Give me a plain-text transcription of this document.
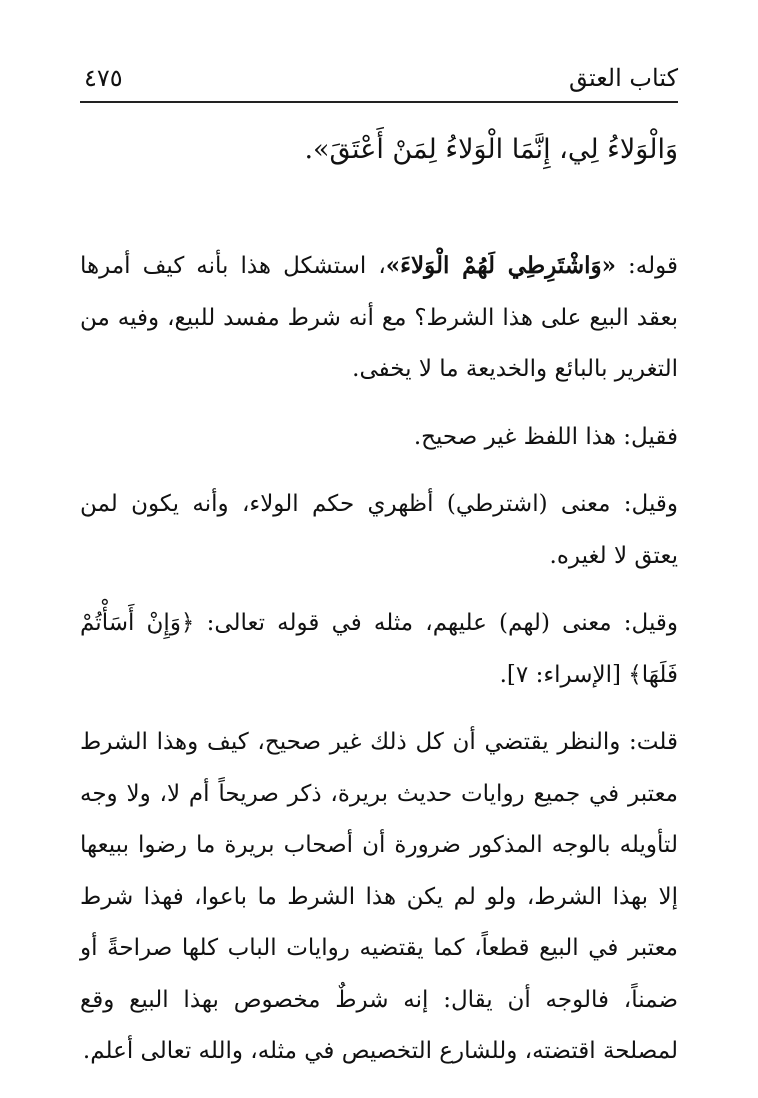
كتاب العتق
٤٧٥
وَالْوَلاءُ لِي، إِنَّمَا الْوَلاءُ لِمَنْ أَعْتَقَ».

قوله: «وَاشْتَرِطِي لَهُمْ الْوَلاءَ»، استشكل هذا بأنه كيف أمرها بعقد البيع على هذا الشرط؟ مع أنه شرط مفسد للبيع، وفيه من التغرير بالبائع والخديعة ما لا يخفى.

فقيل: هذا اللفظ غير صحيح.

وقيل: معنى (اشترطي) أظهري حكم الولاء، وأنه يكون لمن يعتق لا لغيره.

وقيل: معنى (لهم) عليهم، مثله في قوله تعالى: ﴿وَإِنْ أَسَأْتُمْ فَلَهَا﴾ [الإسراء: ٧].

قلت: والنظر يقتضي أن كل ذلك غير صحيح، كيف وهذا الشرط معتبر في جميع روايات حديث بريرة، ذكر صريحاً أم لا، ولا وجه لتأويله بالوجه المذكور ضرورة أن أصحاب بريرة ما رضوا ببيعها إلا بهذا الشرط، ولو لم يكن هذا الشرط ما باعوا، فهذا شرط معتبر في البيع قطعاً، كما يقتضيه روايات الباب كلها صراحةً أو ضمناً، فالوجه أن يقال: إنه شرطٌ مخصوص بهذا البيع وقع لمصلحة اقتضته، وللشارع التخصيص في مثله، والله تعالى أعلم.
